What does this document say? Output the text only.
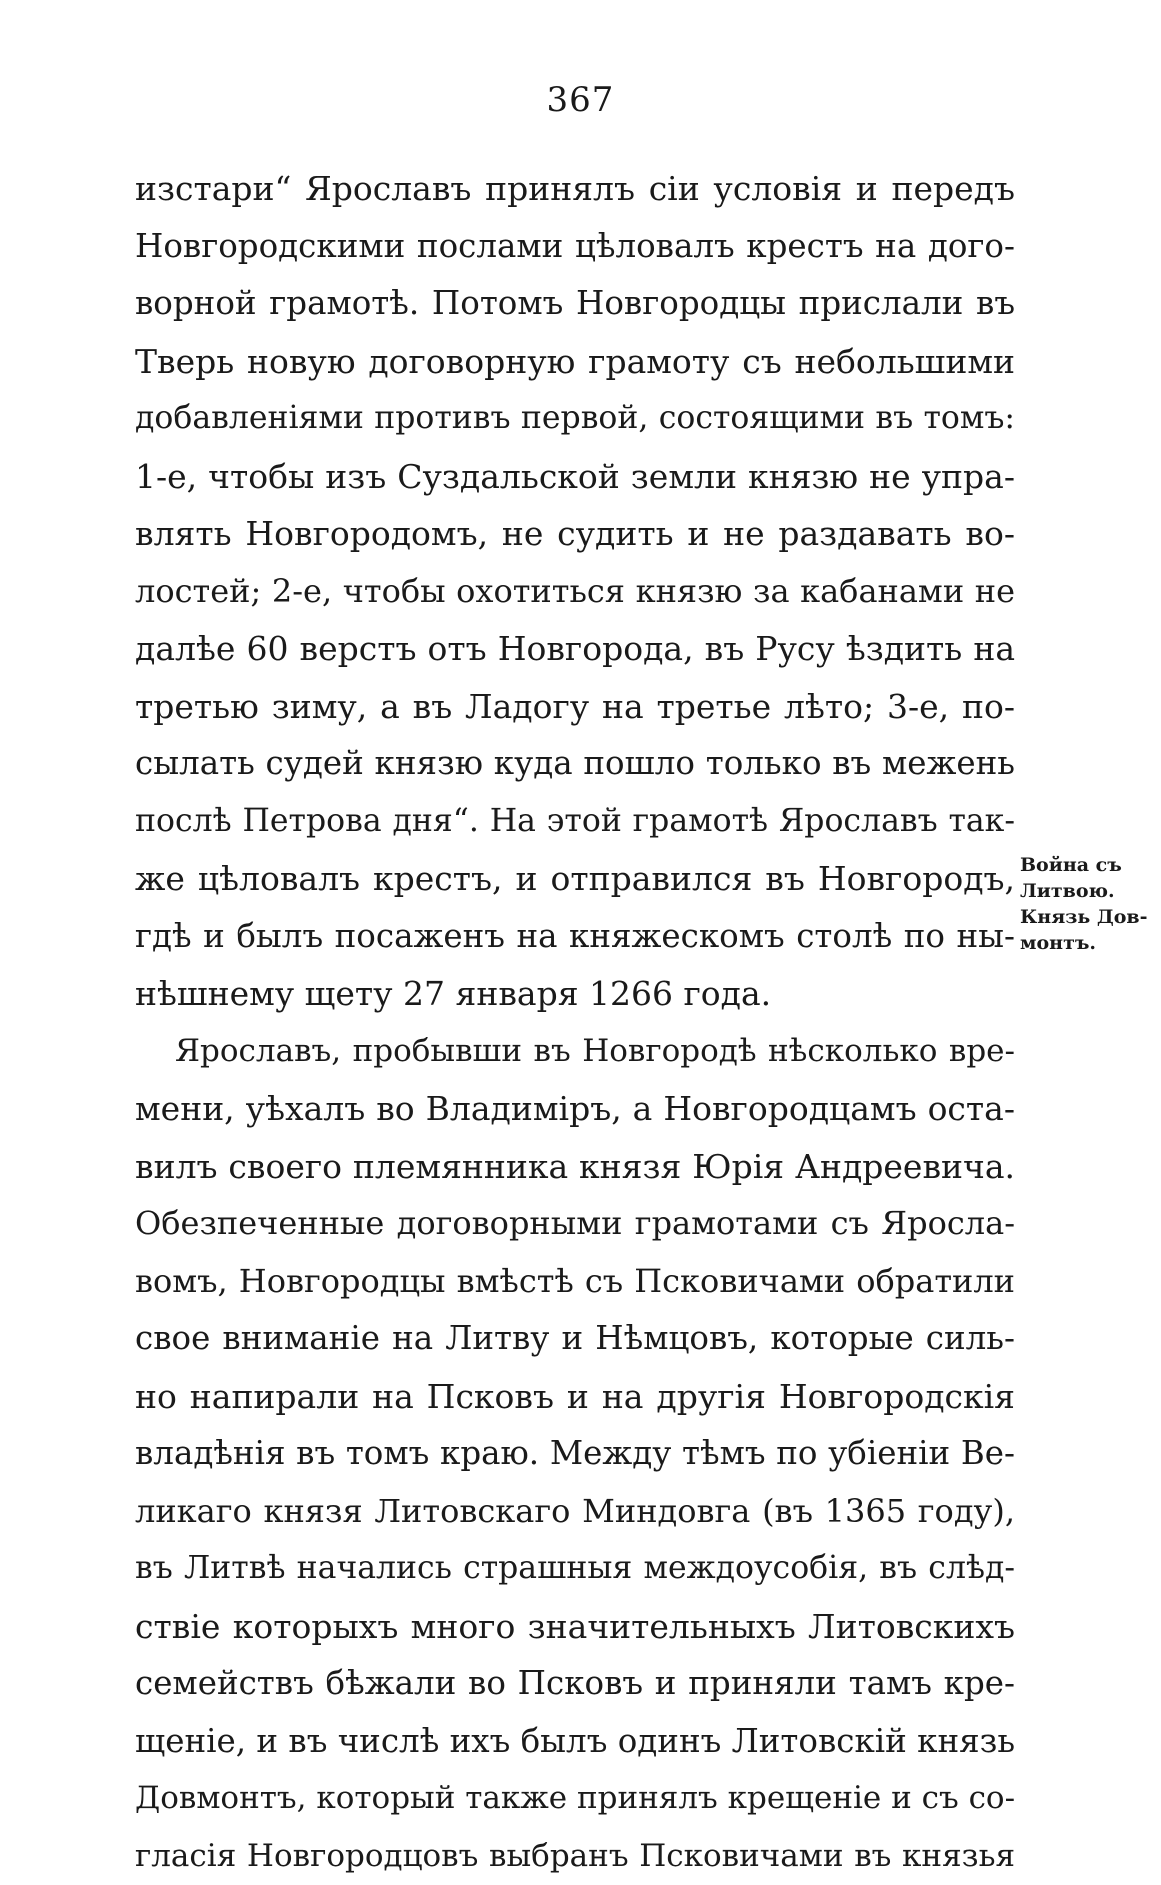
367
изстари“ Ярославъ принялъ сіи условія и передъ
Новгородскими послами цѣловалъ крестъ на дого-
ворной грамотѣ. Потомъ Новгородцы прислали въ
Тверь новую договорную грамоту съ небольшими
добавленіями противъ первой, состоящими въ томъ:
1-е, чтобы изъ Суздальской земли князю не упра-
влять Новгородомъ, не судить и не раздавать во-
лостей; 2-е, чтобы охотиться князю за кабанами не
далѣе 60 верстъ отъ Новгорода, въ Русу ѣздить на
третью зиму, а въ Ладогу на третье лѣто; 3-е, по-
сылать судей князю куда пошло только въ межень
послѣ Петрова дня“. На этой грамотѣ Ярославъ так-
же цѣловалъ крестъ, и отправился въ Новгородъ,
гдѣ и былъ посаженъ на княжескомъ столѣ по ны-
нѣшнему щету 27 января 1266 года.
Ярославъ, пробывши въ Новгородѣ нѣсколько вре-
мени, уѣхалъ во Владиміръ, а Новгородцамъ оста-
вилъ своего племянника князя Юрія Андреевича.
Обезпеченные договорными грамотами съ Яросла-
вомъ, Новгородцы вмѣстѣ съ Псковичами обратили
свое вниманіе на Литву и Нѣмцовъ, которые силь-
но напирали на Псковъ и на другія Новгородскія
владѣнія въ томъ краю. Между тѣмъ по убіеніи Ве-
ликаго князя Литовскаго Миндовга (въ 1365 году),
въ Литвѣ начались страшныя междоусобія, въ слѣд-
ствіе которыхъ много значительныхъ Литовскихъ
семействъ бѣжали во Псковъ и приняли тамъ кре-
щеніе, и въ числѣ ихъ былъ одинъ Литовскій князь
Довмонтъ, который также принялъ крещеніе и съ со-
гласія Новгородцовъ выбранъ Псковичами въ князья
Война съ
Литвою.
Князь Дов-
монтъ.
